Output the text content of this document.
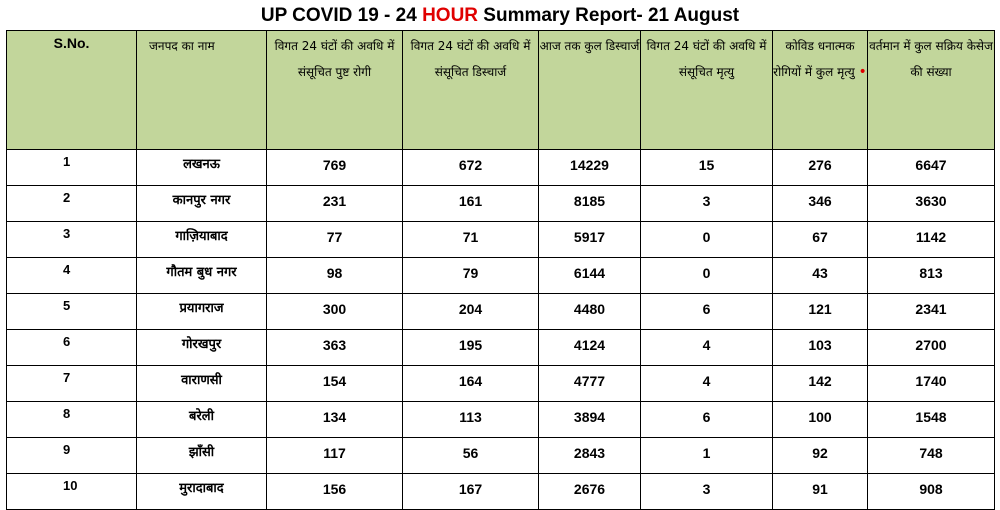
UP COVID 19 - 24 HOUR Summary Report- 21 August
S.No.	जनपद का नाम	विगत 24 घंटों की अवधि में संसूचित पुष्ट रोगी	विगत 24 घंटों की अवधि में संसूचित डिस्चार्ज	आज तक कुल डिस्चार्ज	विगत 24 घंटों की अवधि में संसूचित मृत्यु	कोविड धनात्मक रोगियों में कुल मृत्यु •	वर्तमान में कुल सक्रिय केसेज की संख्या
1	लखनऊ	769	672	14229	15	276	6647
2	कानपुर नगर	231	161	8185	3	346	3630
3	गाज़ियाबाद	77	71	5917	0	67	1142
4	गौतम बुध नगर	98	79	6144	0	43	813
5	प्रयागराज	300	204	4480	6	121	2341
6	गोरखपुर	363	195	4124	4	103	2700
7	वाराणसी	154	164	4777	4	142	1740
8	बरेली	134	113	3894	6	100	1548
9	झाँसी	117	56	2843	1	92	748
10	मुरादाबाद	156	167	2676	3	91	908
